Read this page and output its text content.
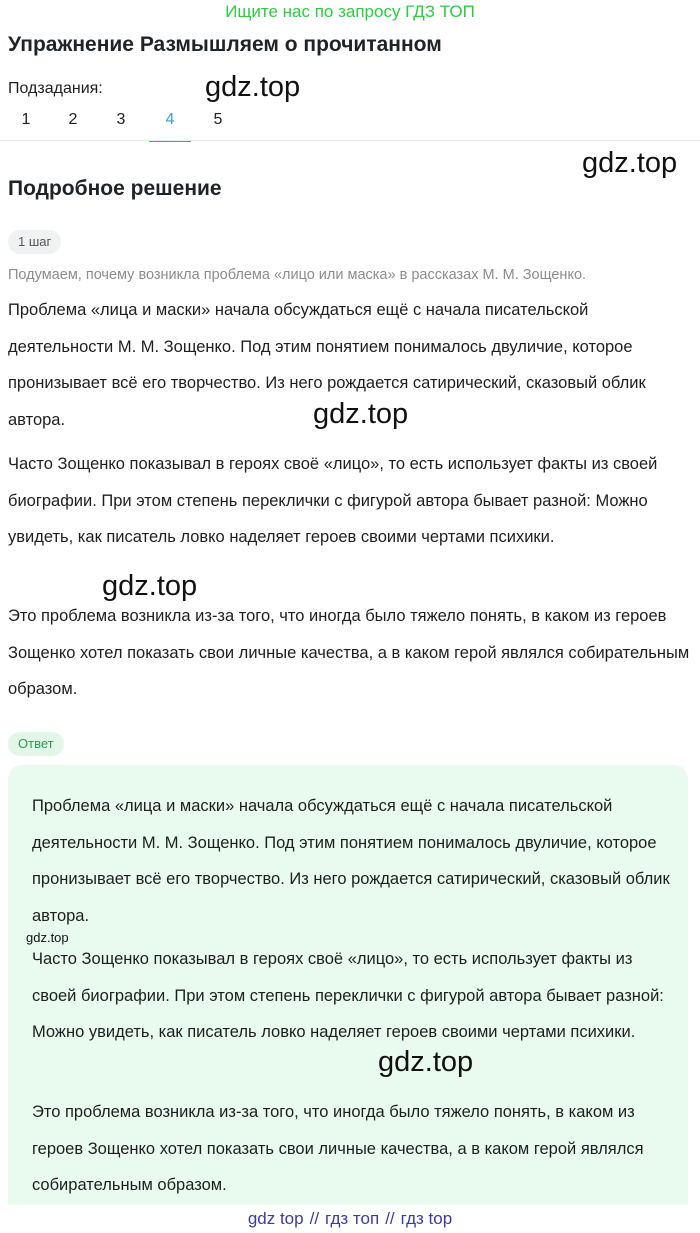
Ищите нас по запросу ГДЗ ТОП
Упражнение Размышляем о прочитанном
Подзадания:
1	2	3	4	5
gdz.top
gdz.top
Подробное решение
1 шаг
Подумаем, почему возникла проблема «лицо или маска» в рассказах М. М. Зощенко.

Проблема «лица и маски» начала обсуждаться ещё с начала писательской деятельности М. М. Зощенко. Под этим понятием понималось двуличие, которое пронизывает всё его творчество. Из него рождается сатирический, сказовый облик автора.	gdz.top

Часто Зощенко показывал в героях своё «лицо», то есть использует факты из своей биографии. При этом степень переклички с фигурой автора бывает разной: Можно увидеть, как писатель ловко наделяет героев своими чертами психики.

gdz.top

Это проблема возникла из-за того, что иногда было тяжело понять, в каком из героев Зощенко хотел показать свои личные качества, а в каком герой являлся собирательным образом.

Ответ

Проблема «лица и маски» начала обсуждаться ещё с начала писательской деятельности М. М. Зощенко. Под этим понятием понималось двуличие, которое пронизывает всё его творчество. Из него рождается сатирический, сказовый облик автора.

gdz.top

Часто Зощенко показывал в героях своё «лицо», то есть использует факты из своей биографии. При этом степень переклички с фигурой автора бывает разной: Можно увидеть, как писатель ловко наделяет героев своими чертами психики.

gdz.top

Это проблема возникла из-за того, что иногда было тяжело понять, в каком из героев Зощенко хотел показать свои личные качества, а в каком герой являлся собирательным образом.

gdz top // гдз топ // гдз top
